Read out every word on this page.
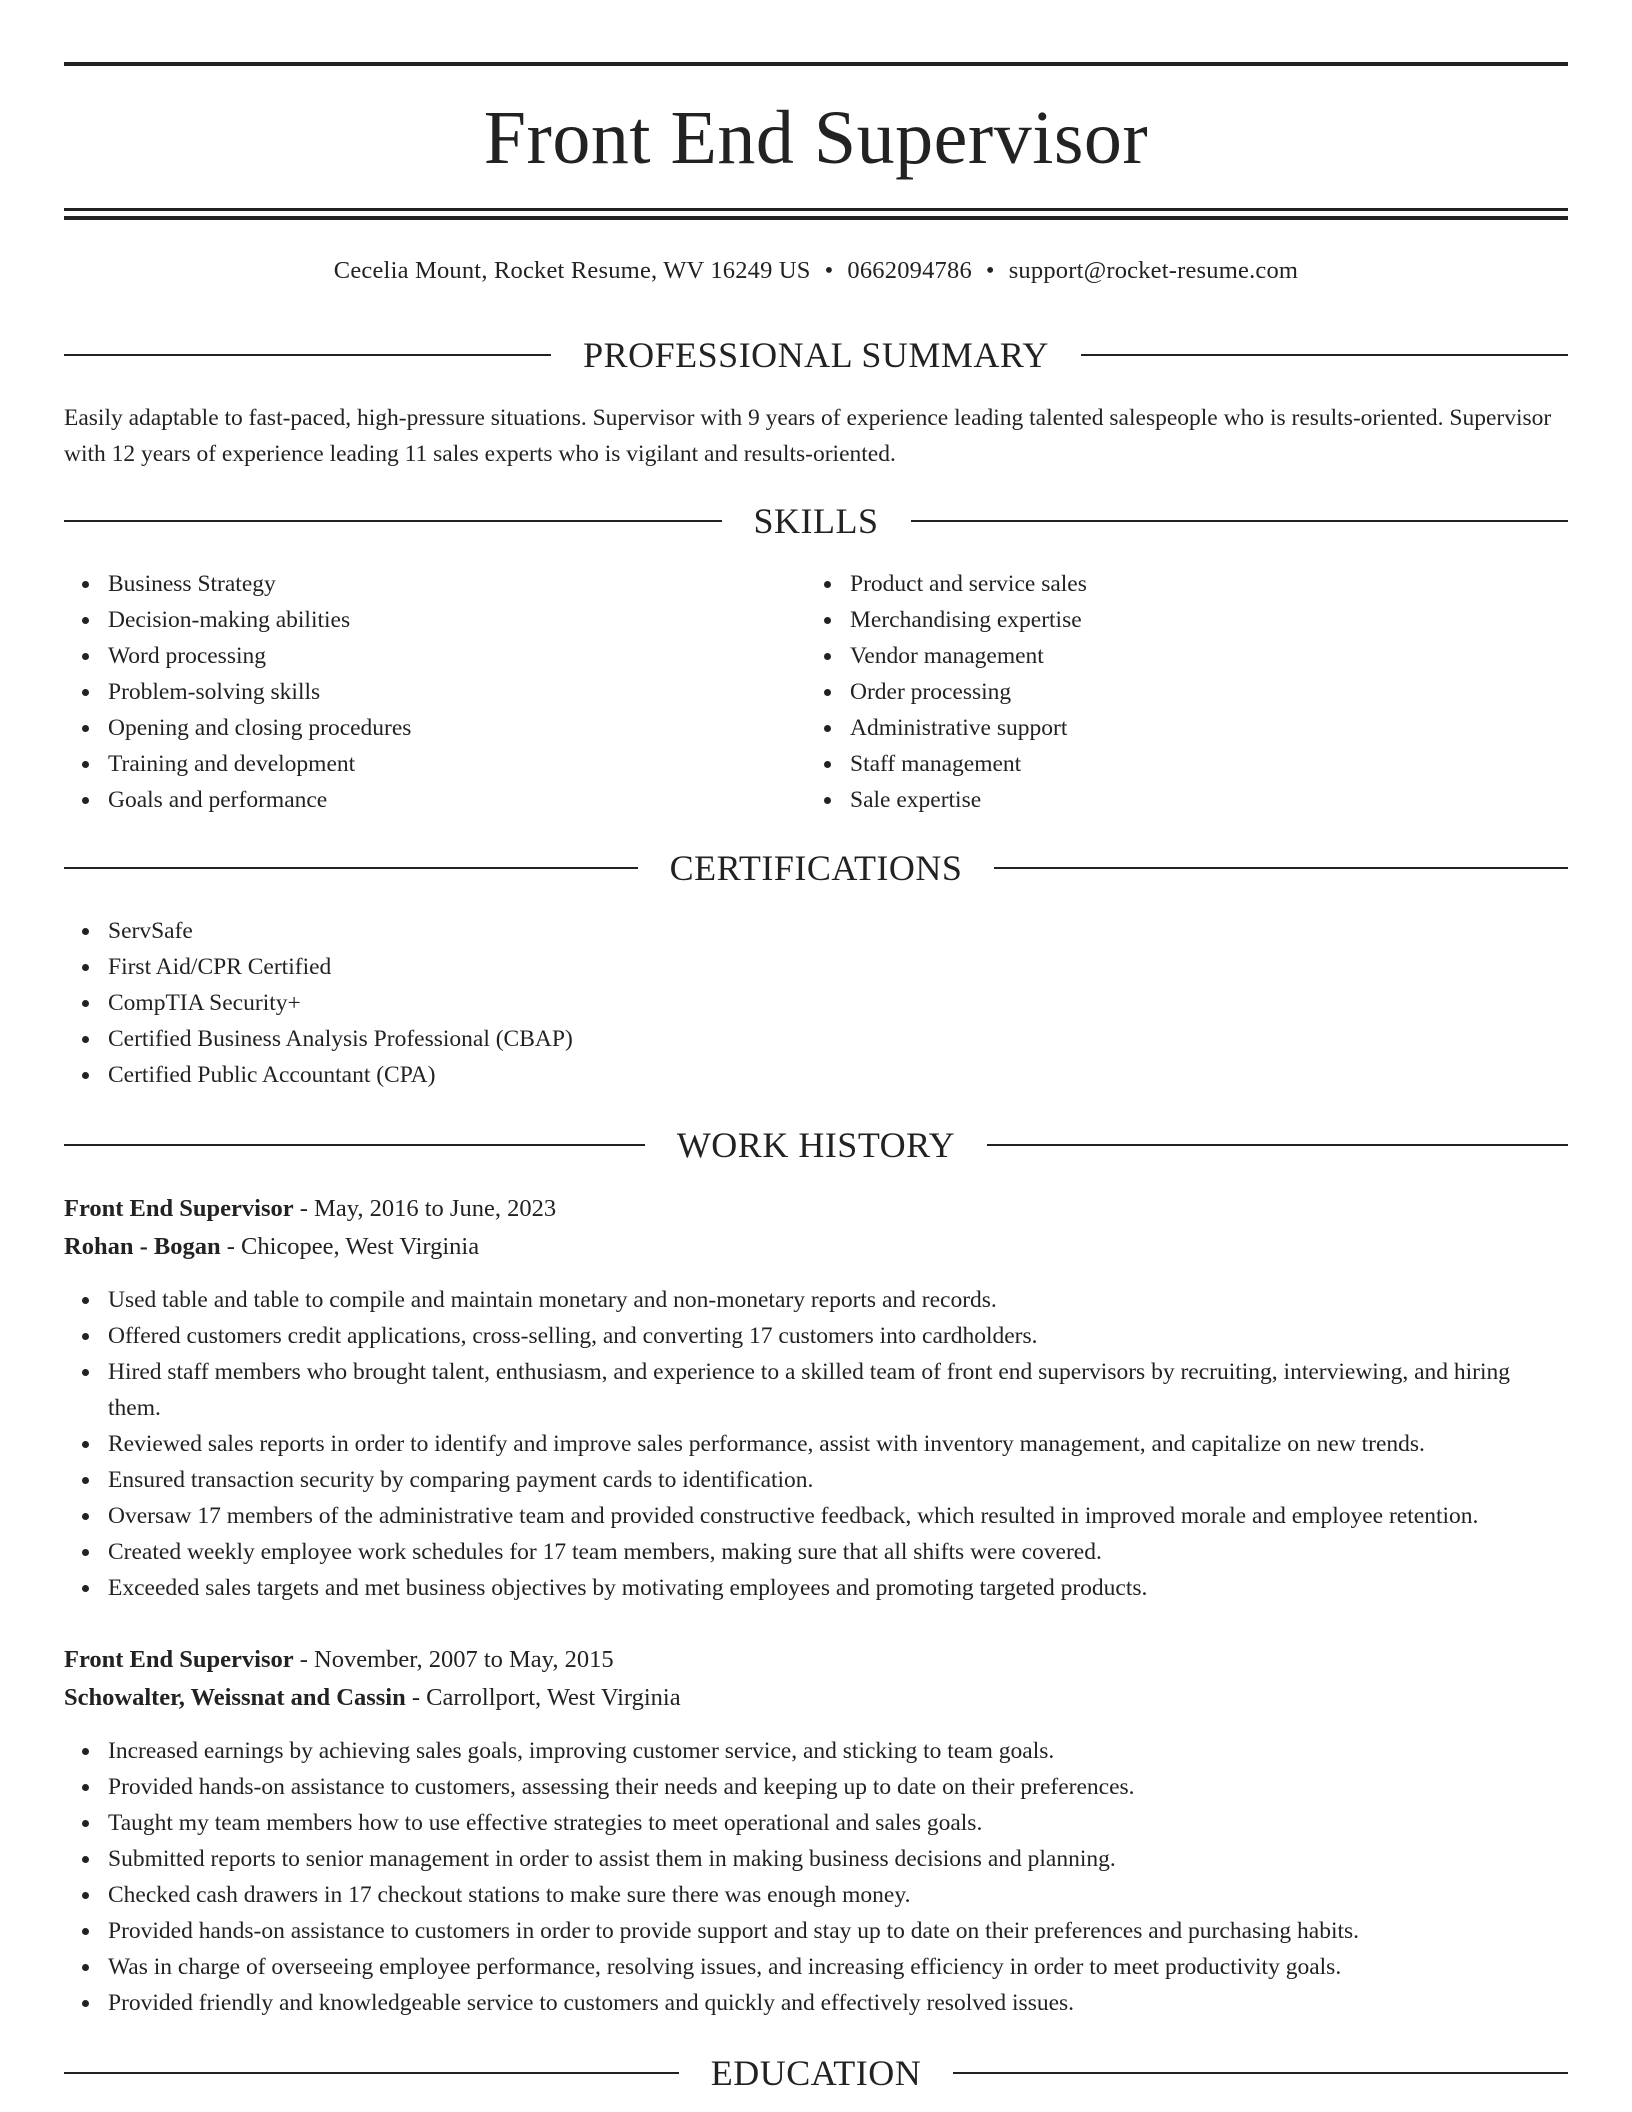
Front End Supervisor
Cecelia Mount, Rocket Resume, WV 16249 US • 0662094786 • support@rocket-resume.com
PROFESSIONAL SUMMARY
Easily adaptable to fast-paced, high-pressure situations. Supervisor with 9 years of experience leading talented salespeople who is results-oriented. Supervisor with 12 years of experience leading 11 sales experts who is vigilant and results-oriented.
SKILLS
Business Strategy
Decision-making abilities
Word processing
Problem-solving skills
Opening and closing procedures
Training and development
Goals and performance
Product and service sales
Merchandising expertise
Vendor management
Order processing
Administrative support
Staff management
Sale expertise
CERTIFICATIONS
ServSafe
First Aid/CPR Certified
CompTIA Security+
Certified Business Analysis Professional (CBAP)
Certified Public Accountant (CPA)
WORK HISTORY
Front End Supervisor - May, 2016 to June, 2023
Rohan - Bogan - Chicopee, West Virginia
Used table and table to compile and maintain monetary and non-monetary reports and records.
Offered customers credit applications, cross-selling, and converting 17 customers into cardholders.
Hired staff members who brought talent, enthusiasm, and experience to a skilled team of front end supervisors by recruiting, interviewing, and hiring them.
Reviewed sales reports in order to identify and improve sales performance, assist with inventory management, and capitalize on new trends.
Ensured transaction security by comparing payment cards to identification.
Oversaw 17 members of the administrative team and provided constructive feedback, which resulted in improved morale and employee retention.
Created weekly employee work schedules for 17 team members, making sure that all shifts were covered.
Exceeded sales targets and met business objectives by motivating employees and promoting targeted products.
Front End Supervisor - November, 2007 to May, 2015
Schowalter, Weissnat and Cassin - Carrollport, West Virginia
Increased earnings by achieving sales goals, improving customer service, and sticking to team goals.
Provided hands-on assistance to customers, assessing their needs and keeping up to date on their preferences.
Taught my team members how to use effective strategies to meet operational and sales goals.
Submitted reports to senior management in order to assist them in making business decisions and planning.
Checked cash drawers in 17 checkout stations to make sure there was enough money.
Provided hands-on assistance to customers in order to provide support and stay up to date on their preferences and purchasing habits.
Was in charge of overseeing employee performance, resolving issues, and increasing efficiency in order to meet productivity goals.
Provided friendly and knowledgeable service to customers and quickly and effectively resolved issues.
EDUCATION
